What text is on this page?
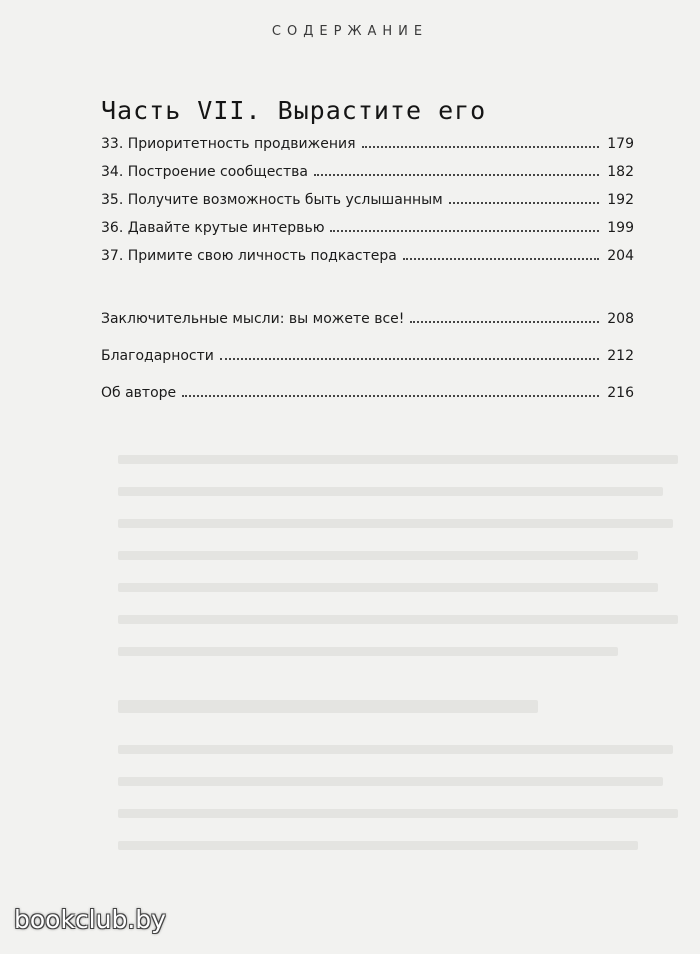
СОДЕРЖАНИЕ
Часть VII. Вырастите его
33. Приоритетность продвижения	179
34. Построение сообщества	182
35. Получите возможность быть услышанным	192
36. Давайте крутые интервью	199
37. Примите свою личность подкастера	204
Заключительные мысли: вы можете все!	208
Благодарности	212
Об авторе	216
bookclub.by
